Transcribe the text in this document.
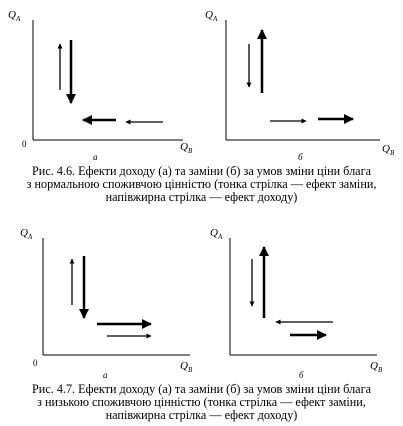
$Q_A$
$Q_B$
0
а
$Q_A$
$Q_B$
б
$Q_A$
$Q_B$
0
а
$Q_A$
$Q_B$
б
Рис. 4.6. Ефекти доходу (а) та заміни (б) за умов зміни ціни блага
з нормальною споживчою цінністю (тонка стрілка — ефект заміни,
напівжирна стрілка — ефект доходу)
Рис. 4.7. Ефекти доходу (а) та заміни (б) за умов зміни ціни блага
з низькою споживчою цінністю (тонка стрілка — ефект заміни,
напівжирна стрілка — ефект доходу)
